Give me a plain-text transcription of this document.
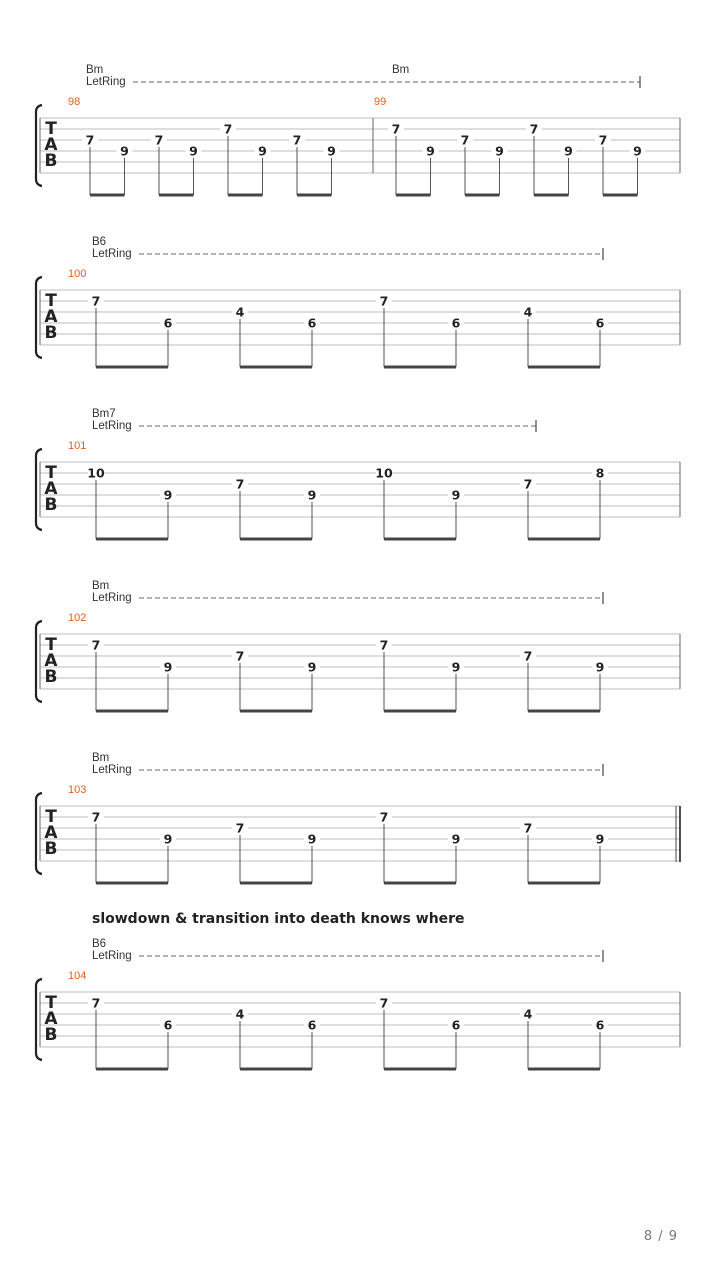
T
A
B
98
Bm
7
9
7
9
7
9
7
9
99
Bm
7
9
7
9
7
9
7
9
LetRing
T
A
B
100
B6
7
6
4
6
7
6
4
6
LetRing
T
A
B
101
Bm7
10
9
7
9
10
9
7
8
LetRing
T
A
B
102
Bm
7
9
7
9
7
9
7
9
LetRing
T
A
B
103
Bm
7
9
7
9
7
9
7
9
LetRing
T
A
B
slowdown & transition into death knows where
104
B6
7
6
4
6
7
6
4
6
LetRing
8 / 9
